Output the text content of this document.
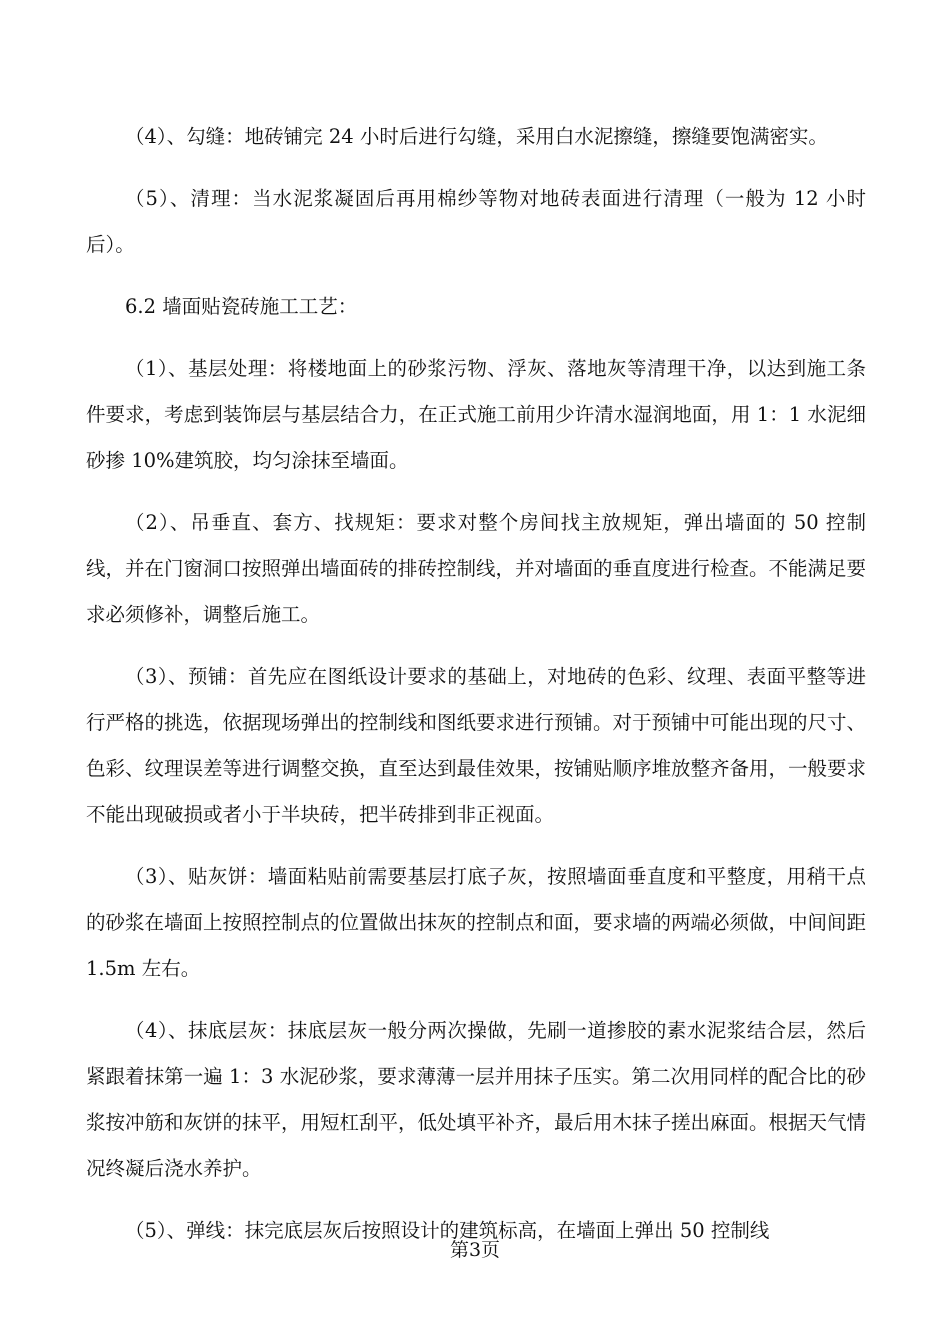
（4）、勾缝：地砖铺完 24 小时后进行勾缝，采用白水泥擦缝，擦缝要饱满密实。

（5）、清理：当水泥浆凝固后再用棉纱等物对地砖表面进行清理（一般为 12 小时后）。

6.2 墙面贴瓷砖施工工艺：

（1）、基层处理：将楼地面上的砂浆污物、浮灰、落地灰等清理干净，以达到施工条件要求，考虑到装饰层与基层结合力，在正式施工前用少许清水湿润地面，用 1：1 水泥细砂掺 10%建筑胶，均匀涂抹至墙面。

（2）、吊垂直、套方、找规矩：要求对整个房间找主放规矩，弹出墙面的 50 控制线，并在门窗洞口按照弹出墙面砖的排砖控制线，并对墙面的垂直度进行检查。不能满足要求必须修补，调整后施工。

（3）、预铺：首先应在图纸设计要求的基础上，对地砖的色彩、纹理、表面平整等进行严格的挑选，依据现场弹出的控制线和图纸要求进行预铺。对于预铺中可能出现的尺寸、色彩、纹理误差等进行调整交换，直至达到最佳效果，按铺贴顺序堆放整齐备用，一般要求不能出现破损或者小于半块砖，把半砖排到非正视面。

（3）、贴灰饼：墙面粘贴前需要基层打底子灰，按照墙面垂直度和平整度，用稍干点的砂浆在墙面上按照控制点的位置做出抹灰的控制点和面，要求墙的两端必须做，中间间距 1.5m 左右。

（4）、抹底层灰：抹底层灰一般分两次操做，先刷一道掺胶的素水泥浆结合层，然后紧跟着抹第一遍 1：3 水泥砂浆，要求薄薄一层并用抹子压实。第二次用同样的配合比的砂浆按冲筋和灰饼的抹平，用短杠刮平，低处填平补齐，最后用木抹子搓出麻面。根据天气情况终凝后浇水养护。

（5）、弹线：抹完底层灰后按照设计的建筑标高，在墙面上弹出 50 控制线

第3页
